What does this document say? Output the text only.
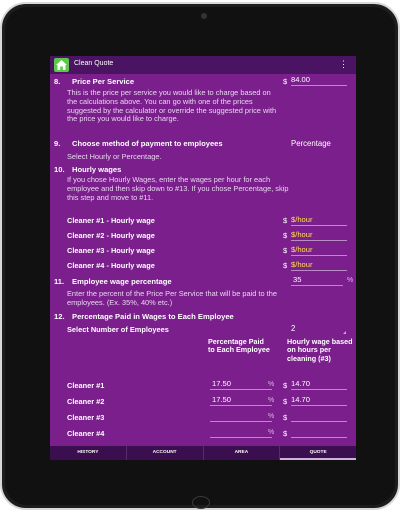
Clean Quote	⋮
8. Price Per Service	$ 84.00
This is the price per service you would like to charge based on the calculations above. You can go with one of the prices suggested by the calculator or override the suggested price with the price you would like to charge.
9. Choose method of payment to employees	Percentage
Select Hourly or Percentage.
10. Hourly wages
If you chose Hourly Wages, enter the wages per hour for each employee and then skip down to #13. If you chose Percentage, skip this step and move to #11.
Cleaner #1 - Hourly wage	$ $/hour
Cleaner #2 - Hourly wage	$ $/hour
Cleaner #3 - Hourly wage	$ $/hour
Cleaner #4 - Hourly wage	$ $/hour
11. Employee wage percentage	35	%
Enter the percent of the Price Per Service that will be paid to the employees. (Ex. 35%, 40% etc.)
12. Percentage Paid in Wages to Each Employee
Select Number of Employees	2
Percentage Paid to Each Employee
Hourly wage based on hours per cleaning (#3)
Cleaner #1	17.50	% $ 14.70
Cleaner #2	17.50	% $ 14.70
Cleaner #3	% $
Cleaner #4	% $
HISTORY	ACCOUNT	AREA	QUOTE
